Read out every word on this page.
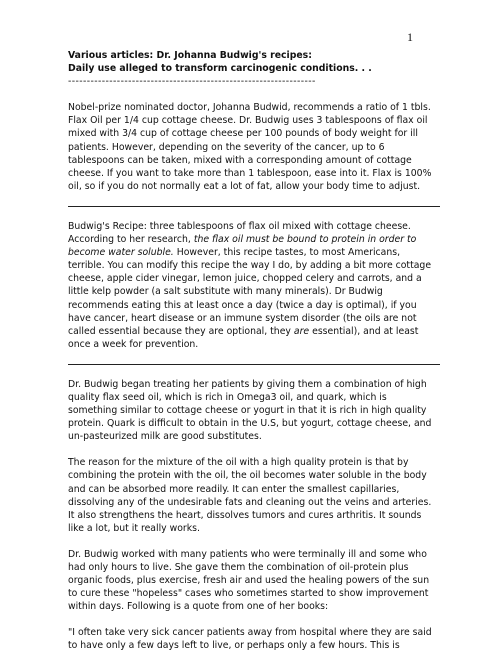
1

Various articles: Dr. Johanna Budwig's recipes:

Daily use alleged to transform carcinogenic conditions. . .

------------------------------------------------------------------

Nobel-prize nominated doctor, Johanna Budwid, recommends a ratio of 1 tbls. Flax Oil per 1/4 cup cottage cheese. Dr. Budwig uses 3 tablespoons of flax oil mixed with 3/4 cup of cottage cheese per 100 pounds of body weight for ill patients. However, depending on the severity of the cancer, up to 6 tablespoons can be taken, mixed with a corresponding amount of cottage cheese. If you want to take more than 1 tablespoon, ease into it. Flax is 100% oil, so if you do not normally eat a lot of fat, allow your body time to adjust.

Budwig's Recipe: three tablespoons of flax oil mixed with cottage cheese. According to her research, the flax oil must be bound to protein in order to become water soluble. However, this recipe tastes, to most Americans, terrible. You can modify this recipe the way I do, by adding a bit more cottage cheese, apple cider vinegar, lemon juice, chopped celery and carrots, and a little kelp powder (a salt substitute with many minerals). Dr Budwig recommends eating this at least once a day (twice a day is optimal), if you have cancer, heart disease or an immune system disorder (the oils are not called essential because they are optional, they are essential), and at least once a week for prevention.

Dr. Budwig began treating her patients by giving them a combination of high quality flax seed oil, which is rich in Omega3 oil, and quark, which is something similar to cottage cheese or yogurt in that it is rich in high quality protein. Quark is difficult to obtain in the U.S, but yogurt, cottage cheese, and un-pasteurized milk are good substitutes.

The reason for the mixture of the oil with a high quality protein is that by combining the protein with the oil, the oil becomes water soluble in the body and can be absorbed more readily. It can enter the smallest capillaries, dissolving any of the undesirable fats and cleaning out the veins and arteries. It also strengthens the heart, dissolves tumors and cures arthritis. It sounds like a lot, but it really works.

Dr. Budwig worked with many patients who were terminally ill and some who had only hours to live. She gave them the combination of oil-protein plus organic foods, plus exercise, fresh air and used the healing powers of the sun to cure these "hopeless" cases who sometimes started to show improvement within days. Following is a quote from one of her books:

"I often take very sick cancer patients away from hospital where they are said to have only a few days left to live, or perhaps only a few hours. This is
